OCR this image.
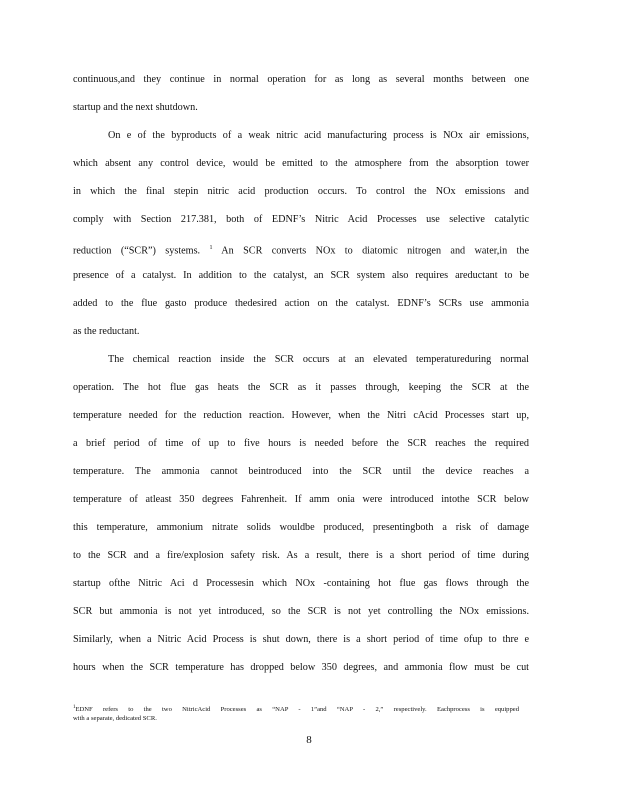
continuous,and they continue in normal operation for as long as several months between one
startup and the next shutdown.
On e of the byproducts of a weak nitric acid manufacturing process is NOx air emissions,
which absent any control device, would be emitted to the atmosphere from the absorption tower
in which the final stepin nitric acid production occurs. To control the NOx emissions and
comply with Section 217.381, both of EDNF’s Nitric Acid Processes use selective catalytic
reduction (“SCR”) systems. $^1$ An SCR converts NOx to diatomic nitrogen and water,in the
presence of a catalyst. In addition to the catalyst, an SCR system also requires areductant to be
added to the flue gasto produce thedesired action on the catalyst. EDNF’s SCRs use ammonia
as the reductant.
The chemical reaction inside the SCR occurs at an elevated temperatureduring normal
operation. The hot flue gas heats the SCR as it passes through, keeping the SCR at the
temperature needed for the reduction reaction. However, when the Nitri cAcid Processes start up,
a brief period of time of up to five hours is needed before the SCR reaches the required
temperature. The ammonia cannot beintroduced into the SCR until the device reaches a
temperature of atleast 350 degrees Fahrenheit. If amm onia were introduced intothe SCR below
this temperature, ammonium nitrate solids wouldbe produced, presentingboth a risk of damage
to the SCR and a fire/explosion safety risk. As a result, there is a short period of time during
startup ofthe Nitric Aci d Processesin which NOx -containing hot flue gas flows through the
SCR but ammonia is not yet introduced, so the SCR is not yet controlling the NOx emissions.
Similarly, when a Nitric Acid Process is shut down, there is a short period of time ofup to thre e
hours when the SCR temperature has dropped below 350 degrees, and ammonia flow must be cut
$^1$EDNF refers to the two NitricAcid Processes as “NAP - 1”and “NAP - 2,” respectively. Eachprocess is equipped
with a separate, dedicated SCR.
8
